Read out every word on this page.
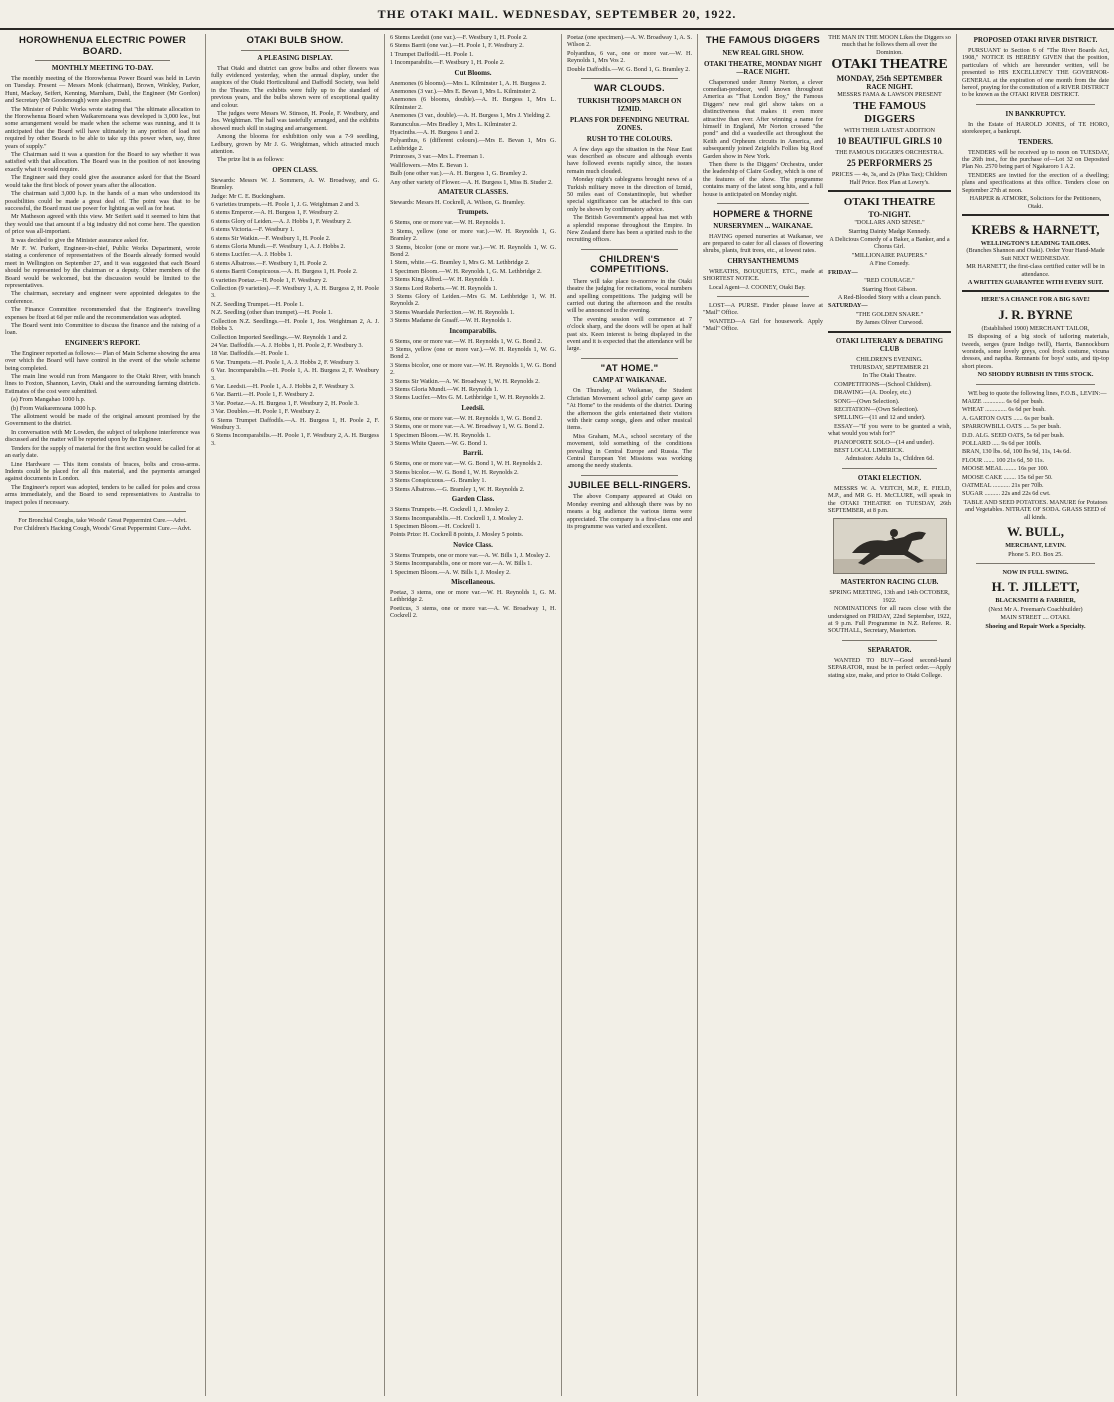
THE OTAKI MAIL. WEDNESDAY, SEPTEMBER 20, 1922.
HOROWHENUA ELECTRIC POWER BOARD.
MONTHLY MEETING TO-DAY.

The monthly meeting of the Horowhenua Power Board was held in Levin on Tuesday. Present — Messrs Monk (chairman), Brown, Winkley, Parker, Hunt, Mackay, Seifert, Kenning, Marnham, Dahl, the Engineer (Mr Gordon) and Secretary (Mr Goodenough) were also present.

The Minister of Public Works wrote stating that "the ultimate allocation to the Horowhenua Board when Waikaremoana was developed is 3,000 kw., but some arrangement would be made when the scheme was running, and it is anticipated that the Board will have ultimately in any portion of load not required by other Boards to be able to take up this power when, say, three years of supply."

The Chairman said it was a question for the Board to say whether it was satisfied with that allocation. The Board was in the position of not knowing exactly what it would require.

The Engineer said they could give the assurance asked for that the Board would take the first block of power years after the allocation.

The chairman said 3,000 h.p. in the hands of a man who understood its possibilities could be made a great deal of. The point was that to be successful, the Board must use power for lighting as well as for heat.

Mr Matheson agreed with this view. Mr Seifert said it seemed to him that they would use that amount if a big industry did not come here. The question of price was all-important.

It was decided to give the Minister assurance asked for.

Mr F. W. Furkert, Engineer-in-chief, Public Works Department, wrote stating a conference of representatives of the Boards already formed would meet in Wellington on September 27, and it was suggested that each Board should be represented by the chairman or a deputy. Other members of the Board would be welcomed, but the discussion would be limited to the representatives.

The chairman, secretary and engineer were appointed delegates to the conference.

The Finance Committee recommended that the Engineer's travelling expenses be fixed at 6d per mile and the recommendation was adopted.

The Board went into Committee to discuss the finance and the raising of a loan.

ENGINEER'S REPORT.

The Engineer reported as follows:— Plan of Main Scheme showing the area over which the Board will have control in the event of the whole scheme being completed.

The main line would run from Mangaore to the Otaki River, with branch lines to Foxton, Shannon, Levin, Otaki and the surrounding farming districts. Estimates of the cost were submitted.

(a) From Mangahao 1000 h.p.

(b) From Waikaremoana 1000 h.p.

The allotment would be made of the original amount promised by the Government to the district.

In conversation with Mr Lowden, the subject of telephone interference was discussed and the matter will be reported upon by the Engineer.

Tenders for the supply of material for the first section would be called for at an early date.

Line Hardware — This item consists of braces, bolts and cross-arms. Indents could be placed for all this material, and the payments arranged against documents in London.

The Engineer's report was adopted, tenders to be called for poles and cross arms immediately, and the Board to send representatives to Australia to inspect poles if necessary.

For Bronchial Coughs, take Woods' Great Peppermint Cure.—Advt.

For Children's Hacking Cough, Woods' Great Peppermint Cure.—Advt.

OTAKI BULB SHOW.
A PLEASING DISPLAY.

That Otaki and district can grow bulbs and other flowers was fully evidenced yesterday, when the annual display, under the auspices of the Otaki Horticultural and Daffodil Society, was held in the Theatre. The exhibits were fully up to the standard of previous years, and the bulbs shown were of exceptional quality and colour.

The judges were Messrs W. Stinson, H. Poole, F. Westbury, and Jos. Weightman. The hall was tastefully arranged, and the exhibits showed much skill in staging and arrangement.

Among the blooms for exhibition only was a 7-9 seedling, Ledbury, grown by Mr J. G. Weightman, which attracted much attention.

The prize list is as follows:

OPEN CLASS.

Stewards: Messrs W. J. Sommers, A. W. Broadway, and G. Bramley.

Judge: Mr C. E. Buckingham.

6 varieties trumpets.—H. Poole 1, J. G. Weightman 2 and 3.

6 stems Emperor.—A. H. Burgess 1, F. Westbury 2.

6 stems Glory of Leiden.—A. J. Hobbs 1, F. Westbury 2.

6 stems Victoria.—F. Westbury 1.

6 stems Sir Watkin.—F. Westbury 1, H. Poole 2.

6 stems Gloria Mundi.—F. Westbury 1, A. J. Hobbs 2.

6 stems Lucifer.—A. J. Hobbs 1.

6 stems Albatross.—F. Westbury 1, H. Poole 2.

6 stems Barrii Conspicuous.—A. H. Burgess 1, H. Poole 2.

6 varieties Poetaz.—H. Poole 1, F. Westbury 2.

Collection (9 varieties).—F. Westbury 1, A. H. Burgess 2, H. Poole 3.

N.Z. Seedling Trumpet.—H. Poole 1.

N.Z. Seedling (other than trumpet).—H. Poole 1.

Collection N.Z. Seedlings.—H. Poole 1, Jos. Weightman 2, A. J. Hobbs 3.

Collection Imported Seedlings.—W. Reynolds 1 and 2.

24 Var. Daffodils.—A. J. Hobbs 1, H. Poole 2, F. Westbury 3.

18 Var. Daffodils.—H. Poole 1.

6 Var. Trumpets.—H. Poole 1, A. J. Hobbs 2, F. Westbury 3.

6 Var. Incomparabilis.—H. Poole 1, A. H. Burgess 2, F. Westbury 3.

6 Var. Leedsii.—H. Poole 1, A. J. Hobbs 2, F. Westbury 3.

6 Var. Barrii.—H. Poole 1, F. Westbury 2.

3 Var. Poetaz.—A. H. Burgess 1, F. Westbury 2, H. Poole 3.

3 Var. Doubles.—H. Poole 1, F. Westbury 2.

6 Stems Trumpet Daffodils.—A. H. Burgess 1, H. Poole 2, F. Westbury 3.

6 Stems Incomparabilis.—H. Poole 1, F. Westbury 2, A. H. Burgess 3.

6 Stems Leedsii (one var.).—F. Westbury 1, H. Poole 2.

6 Stems Barrii (one var.).—H. Poole 1, F. Westbury 2.

1 Trumpet Daffodil.—H. Poole 1.

1 Incomparabilis.—F. Westbury 1, H. Poole 2.

Cut Blooms.

Anemones (6 blooms).—Mrs L. Kilminster 1, A. H. Burgess 2.

Anemones (3 var.).—Mrs E. Bevan 1, Mrs L. Kilminster 2.

Anemones (6 blooms, double).—A. H. Burgess 1, Mrs L. Kilminster 2.

Anemones (3 var., double).—A. H. Burgess 1, Mrs J. Yielding 2.

Ranunculus.—Mrs Bradley 1, Mrs L. Kilminster 2.

Hyacinths.—A. H. Burgess 1 and 2.

Polyanthus, 6 (different colours).—Mrs E. Bevan 1, Mrs G. Lethbridge 2.

Primroses, 3 var.—Mrs L. Freeman 1.

Wallflowers.—Mrs E. Bevan 1.

Bulb (one other var.).—A. H. Burgess 1, G. Bramley 2.

Any other variety of Flower.—A. H. Burgess 1, Miss B. Studer 2.

AMATEUR CLASSES.

Stewards: Messrs H. Cockrell, A. Wilson, G. Bramley.

Trumpets.

6 Stems, one or more var.—W. H. Reynolds 1.

3 Stems, yellow (one or more var.).—W. H. Reynolds 1, G. Bramley 2.

3 Stems, bicolor (one or more var.).—W. H. Reynolds 1, W. G. Bond 2.

1 Stem, white.—G. Bramley 1, Mrs G. M. Lethbridge 2.

1 Specimen Bloom.—W. H. Reynolds 1, G. M. Lethbridge 2.

3 Stems King Alfred.—W. H. Reynolds 1.

3 Stems Lord Roberts.—W. H. Reynolds 1.

3 Stems Glory of Leiden.—Mrs G. M. Lethbridge 1, W. H. Reynolds 2.

3 Stems Weardale Perfection.—W. H. Reynolds 1.

3 Stems Madame de Graaff.—W. H. Reynolds 1.

Incomparabilis.

6 Stems, one or more var.—W. H. Reynolds 1, W. G. Bond 2.

3 Stems, yellow (one or more var.).—W. H. Reynolds 1, W. G. Bond 2.

3 Stems bicolor, one or more var.—W. H. Reynolds 1, W. G. Bond 2.

3 Stems Sir Watkin.—A. W. Broadway 1, W. H. Reynolds 2.

3 Stems Gloria Mundi.—W. H. Reynolds 1.

3 Stems Lucifer.—Mrs G. M. Lethbridge 1, W. H. Reynolds 2.

Leedsii.

6 Stems, one or more var.—W. H. Reynolds 1, W. G. Bond 2.

3 Stems, one or more var.—A. W. Broadway 1, W. G. Bond 2.

1 Specimen Bloom.—W. H. Reynolds 1.

3 Stems White Queen.—W. G. Bond 1.

Barrii.

6 Stems, one or more var.—W. G. Bond 1, W. H. Reynolds 2.

3 Stems bicolor.—W. G. Bond 1, W. H. Reynolds 2.

3 Stems Conspicuous.—G. Bramley 1.

3 Stems Albatross.—G. Bramley 1, W. H. Reynolds 2.

Garden Class.

3 Stems Trumpets.—H. Cockrell 1, J. Mosley 2.

3 Stems Incomparabilis.—H. Cockrell 1, J. Mosley 2.

1 Specimen Bloom.—H. Cockrell 1.

Points Prize: H. Cockrell 8 points, J. Mosley 5 points.

Novice Class.

3 Stems Trumpets, one or more var.—A. W. Bills 1, J. Mosley 2.

3 Stems Incomparabilis, one or more var.—A. W. Bills 1.

1 Specimen Bloom.—A. W. Bills 1, J. Mosley 2.

Miscellaneous.

Poetaz, 3 stems, one or more var.—W. H. Reynolds 1, G. M. Lethbridge 2.

Poeticus, 3 stems, one or more var.—A. W. Broadway 1, H. Cockrell 2.

Poetaz (one specimen).—A. W. Broadway 1, A. S. Wilson 2.

Polyanthus, 6 var., one or more var.—W. H. Reynolds 1, Mrs Vos 2.

Double Daffodils.—W. G. Bond 1, G. Bramley 2.

WAR CLOUDS.
TURKISH TROOPS MARCH ON IZMID.
PLANS FOR DEFENDING NEUTRAL ZONES.
RUSH TO THE COLOURS.

A few days ago the situation in the Near East was described as obscure and although events have followed events rapidly since, the issues remain much clouded.

Monday night's cablegrams brought news of a Turkish military move in the direction of Izmid, 50 miles east of Constantinople, but whether special significance can be attached to this can only be shown by confirmatory advice.

The British Government's appeal has met with a splendid response throughout the Empire. In New Zealand there has been a spirited rush to the recruiting offices.

CHILDREN'S COMPETITIONS.

There will take place to-morrow in the Otaki theatre the judging for recitations, vocal numbers and spelling competitions. The judging will be carried out during the afternoon and the results will be announced in the evening.

The evening session will commence at 7 o'clock sharp, and the doors will be open at half past six. Keen interest is being displayed in the event and it is expected that the attendance will be large.

"AT HOME."
CAMP AT WAIKANAE.

On Thursday, at Waikanae, the Student Christian Movement school girls' camp gave an "At Home" to the residents of the district. During the afternoon the girls entertained their visitors with their camp songs, glees and other musical items.

Miss Graham, M.A., school secretary of the movement, told something of the conditions prevailing in Central Europe and Russia. The Central European Yet Missions was working among the needy students.

JUBILEE BELL-RINGERS.

The above Company appeared at Otaki on Monday evening and although there was by no means a big audience the various items were appreciated. The company is a first-class one and its programme was varied and excellent.

THE FAMOUS DIGGERS
NEW REAL GIRL SHOW.
OTAKI THEATRE, MONDAY NIGHT —RACE NIGHT.

Chaperoned under Jimmy Norton, a clever comedian-producer, well known throughout America as "That London Boy," the Famous Diggers' new real girl show takes on a distinctiveness that makes it even more attractive than ever. After winning a name for himself in England, Mr Norton crossed "the pond" and did a vaudeville act throughout the Keith and Orpheum circuits in America, and subsequently joined Zeigfeld's Follies big Roof Garden show in New York.

Then there is the Diggers' Orchestra, under the leadership of Claire Godley, which is one of the features of the show. The programme contains many of the latest song hits, and a full house is anticipated on Monday night.

HOPMERE & THORNE
NURSERYMEN ... WAIKANAE.

HAVING opened nurseries at Waikanae, we are prepared to cater for all classes of flowering shrubs, plants, fruit trees, etc., at lowest rates.

CHRYSANTHEMUMS

WREATHS, BOUQUETS, ETC., made at SHORTEST NOTICE.

Local Agent—J. COONEY, Otaki Bay.

LOST—A PURSE. Finder please leave at "Mail" Office.

WANTED—A Girl for housework. Apply "Mail" Office.

THE MAN IN THE MOON Likes the Diggers so much that he follows them all over the Dominion.

OTAKI THEATRE
MONDAY, 25th SEPTEMBER
RACE NIGHT.
MESSRS FAMA & LAWSON PRESENT
THE FAMOUS DIGGERS
WITH THEIR LATEST ADDITION
10 BEAUTIFUL GIRLS 10
THE FAMOUS DIGGER'S ORCHESTRA.
25 PERFORMERS 25

PRICES — 4s, 3s, and 2s (Plus Tax); Children Half Price. Box Plan at Lowry's.

OTAKI THEATRE
TO-NIGHT.

"DOLLARS AND SENSE."

Starring Dainty Madge Kennedy.

A Delicious Comedy of a Baker, a Banker, and a Chorus Girl.

"MILLIONAIRE PAUPERS."

A Fine Comedy.

FRIDAY—

"RED COURAGE."

Starring Hoot Gibson.

A Red-Blooded Story with a clean punch.

SATURDAY—

"THE GOLDEN SNARE."

By James Oliver Curwood.

OTAKI LITERARY & DEBATING CLUB

CHILDREN'S EVENING.

THURSDAY, SEPTEMBER 21

In The Otaki Theatre.

COMPETITIONS—(School Children).

DRAWING—(A. Dooley, etc.)

SONG—(Own Selection).

RECITATION—(Own Selection).

SPELLING—(11 and 12 and under).

ESSAY—"If you were to be granted a wish, what would you wish for?"

PIANOFORTE SOLO—(14 and under).

BEST LOCAL LIMERICK.

Admission: Adults 1s., Children 6d.

OTAKI ELECTION.

MESSRS W. A. VEITCH, M.P., E. FIELD, M.P., and MR G. H. McCLURE, will speak in the OTAKI THEATRE on TUESDAY, 26th SEPTEMBER, at 8 p.m.

MASTERTON RACING CLUB.

SPRING MEETING, 13th and 14th OCTOBER, 1922.

NOMINATIONS for all races close with the undersigned on FRIDAY, 22nd September, 1922, at 9 p.m. Full Programme in N.Z. Referee. R. SOUTHALL, Secretary, Masterton.

SEPARATOR.

WANTED TO BUY—Good second-hand SEPARATOR, must be in perfect order.—Apply stating size, make, and price to Otaki College.

PROPOSED OTAKI RIVER DISTRICT.

PURSUANT to Section 6 of "The River Boards Act, 1908," NOTICE IS HEREBY GIVEN that the position, particulars of which are hereunder written, will be presented to HIS EXCELLENCY THE GOVERNOR-GENERAL at the expiration of one month from the date hereof, praying for the constitution of a RIVER DISTRICT to be known as the OTAKI RIVER DISTRICT.

IN BANKRUPTCY.

In the Estate of HAROLD JONES, of TE HORO, storekeeper, a bankrupt.

TENDERS.

TENDERS will be received up to noon on TUESDAY, the 26th inst., for the purchase of—Lot 32 on Deposited Plan No. 2570 being part of Ngakaroro 1 A 2.

TENDERS are invited for the erection of a dwelling; plans and specifications at this office. Tenders close on September 27th at noon.

HARPER & ATMORE, Solicitors for the Petitioners, Otaki.

KREBS & HARNETT,
WELLINGTON'S LEADING TAILORS.

(Branches Shannon and Otaki). Order Your Hand-Made Suit NEXT WEDNESDAY.

MR HARNETT, the first-class certified cutter will be in attendance.

A WRITTEN GUARANTEE WITH EVERY SUIT.

HERE'S A CHANCE FOR A BIG SAVE!

J. R. BYRNE

(Established 1900) MERCHANT TAILOR,

IS disposing of a big stock of tailoring materials, tweeds, serges (pure Indigo twill), Harris, Bannockburn worsteds, some lovely greys, cool frock costume, vicuna dresses, and naptha. Remnants for boys' suits, and tip-top short pieces.

NO SHODDY RUBBISH IN THIS STOCK.

WE beg to quote the following lines, F.O.B., LEVIN:—

MAIZE .............. 6s 6d per bush.

WHEAT .............. 6s 6d per bush.

A. GARTON OATS ...... 6s per bush.

SPARROWBILL OATS .... 5s per bush.

D.D. ALG. SEED OATS, 5s 6d per bush.

POLLARD ..... 9s 6d per 100lb.

BRAN, 130 lbs. 6d, 100 lbs 9d, 11s, 14s 6d.

FLOUR ....... 100 21s 6d, 50 11s.

MOOSE MEAL ........ 16s per 100.

MOOSE CAKE ........ 15s 6d per 50.

OATMEAL ........... 21s per 70lb.

SUGAR .......... 22s and 22s 6d cwt.

TABLE AND SEED POTATOES. MANURE for Potatoes and Vegetables. NITRATE OF SODA. GRASS SEED of all kinds.

W. BULL,

MERCHANT, LEVIN.

Phone 5. P.O. Box 25.

NOW IN FULL SWING.

H. T. JILLETT,

BLACKSMITH & FARRIER,

(Next Mr A. Freeman's Coachbuilder)

MAIN STREET .... OTAKI.

Shoeing and Repair Work a Specialty.
